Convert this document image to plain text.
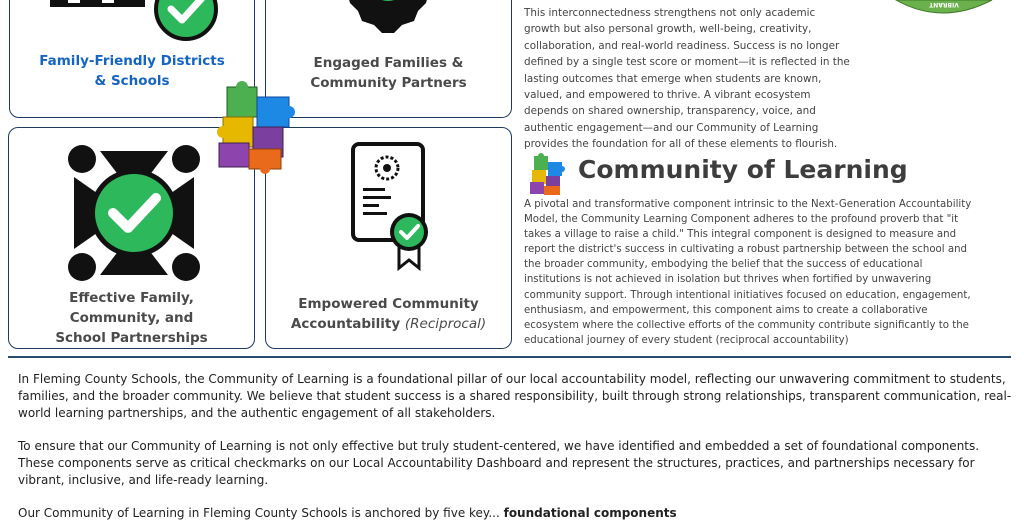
Family-Friendly Districts
& Schools
Engaged Families &
Community Partners
Effective Family,
Community, and
School Partnerships
Empowered Community
Accountability (Reciprocal)
This interconnectedness strengthens not only academic
growth but also personal growth, well-being, creativity,
collaboration, and real-world readiness. Success is no longer
defined by a single test score or moment—it is reflected in the
lasting outcomes that emerge when students are known,
valued, and empowered to thrive. A vibrant ecosystem
depends on shared ownership, transparency, voice, and
authentic engagement—and our Community of Learning
provides the foundation for all of these elements to flourish.
VIBRANT
Community of Learning
A pivotal and transformative component intrinsic to the Next-Generation Accountability
Model, the Community Learning Component adheres to the profound proverb that "it
takes a village to raise a child." This integral component is designed to measure and
report the district's success in cultivating a robust partnership between the school and
the broader community, embodying the belief that the success of educational
institutions is not achieved in isolation but thrives when fortified by unwavering
community support. Through intentional initiatives focused on education, engagement,
enthusiasm, and empowerment, this component aims to create a collaborative
ecosystem where the collective efforts of the community contribute significantly to the
educational journey of every student (reciprocal accountability)

In Fleming County Schools, the Community of Learning is a foundational pillar of our local accountability model, reflecting our unwavering commitment to students, families, and the broader community. We believe that student success is a shared responsibility, built through strong relationships, transparent communication, real-world learning partnerships, and the authentic engagement of all stakeholders.

To ensure that our Community of Learning is not only effective but truly student-centered, we have identified and embedded a set of foundational components. These components serve as critical checkmarks on our Local Accountability Dashboard and represent the structures, practices, and partnerships necessary for vibrant, inclusive, and life-ready learning.

Our Community of Learning in Fleming County Schools is anchored by five key... foundational components
